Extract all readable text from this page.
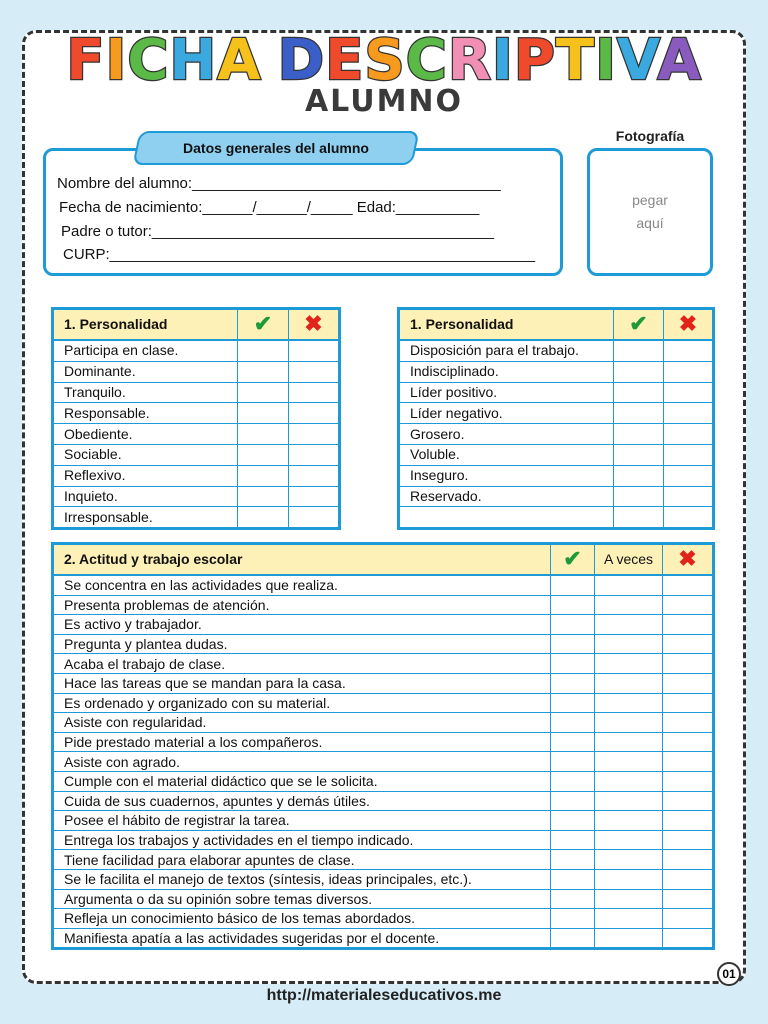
FICHA DESCRIPTIVA
ALUMNO
Datos generales del alumno
Nombre del alumno:_____________________________________
Fecha de nacimiento:______/______/_____ Edad:__________
Padre o tutor:_________________________________________
CURP:___________________________________________________
Fotografía
pegar
aquí
1. Personalidad	✔	✖
Participa en clase.		
Dominante.		
Tranquilo.		
Responsable.		
Obediente.		
Sociable.		
Reflexivo.		
Inquieto.		
Irresponsable.		
1. Personalidad	✔	✖
Disposición para el trabajo.		
Indisciplinado.		
Líder positivo.		
Líder negativo.		
Grosero.		
Voluble.		
Inseguro.		
Reservado.		

2. Actitud y trabajo escolar	✔	A veces	✖
Se concentra en las actividades que realiza.			
Presenta problemas de atención.			
Es activo y trabajador.			
Pregunta y plantea dudas.			
Acaba el trabajo de clase.			
Hace las tareas que se mandan para la casa.			
Es ordenado y organizado con su material.			
Asiste con regularidad.			
Pide prestado material a los compañeros.			
Asiste con agrado.			
Cumple con el material didáctico que se le solicita.			
Cuida de sus cuadernos, apuntes y demás útiles.			
Posee el hábito de registrar la tarea.			
Entrega los trabajos y actividades en el tiempo indicado.			
Tiene facilidad para elaborar apuntes de clase.			
Se le facilita el manejo de textos (síntesis, ideas principales, etc.).			
Argumenta o da su opinión sobre temas diversos.			
Refleja un conocimiento básico de los temas abordados.			
Manifiesta apatía a las actividades sugeridas por el docente.			
http://materialeseducativos.me
01
